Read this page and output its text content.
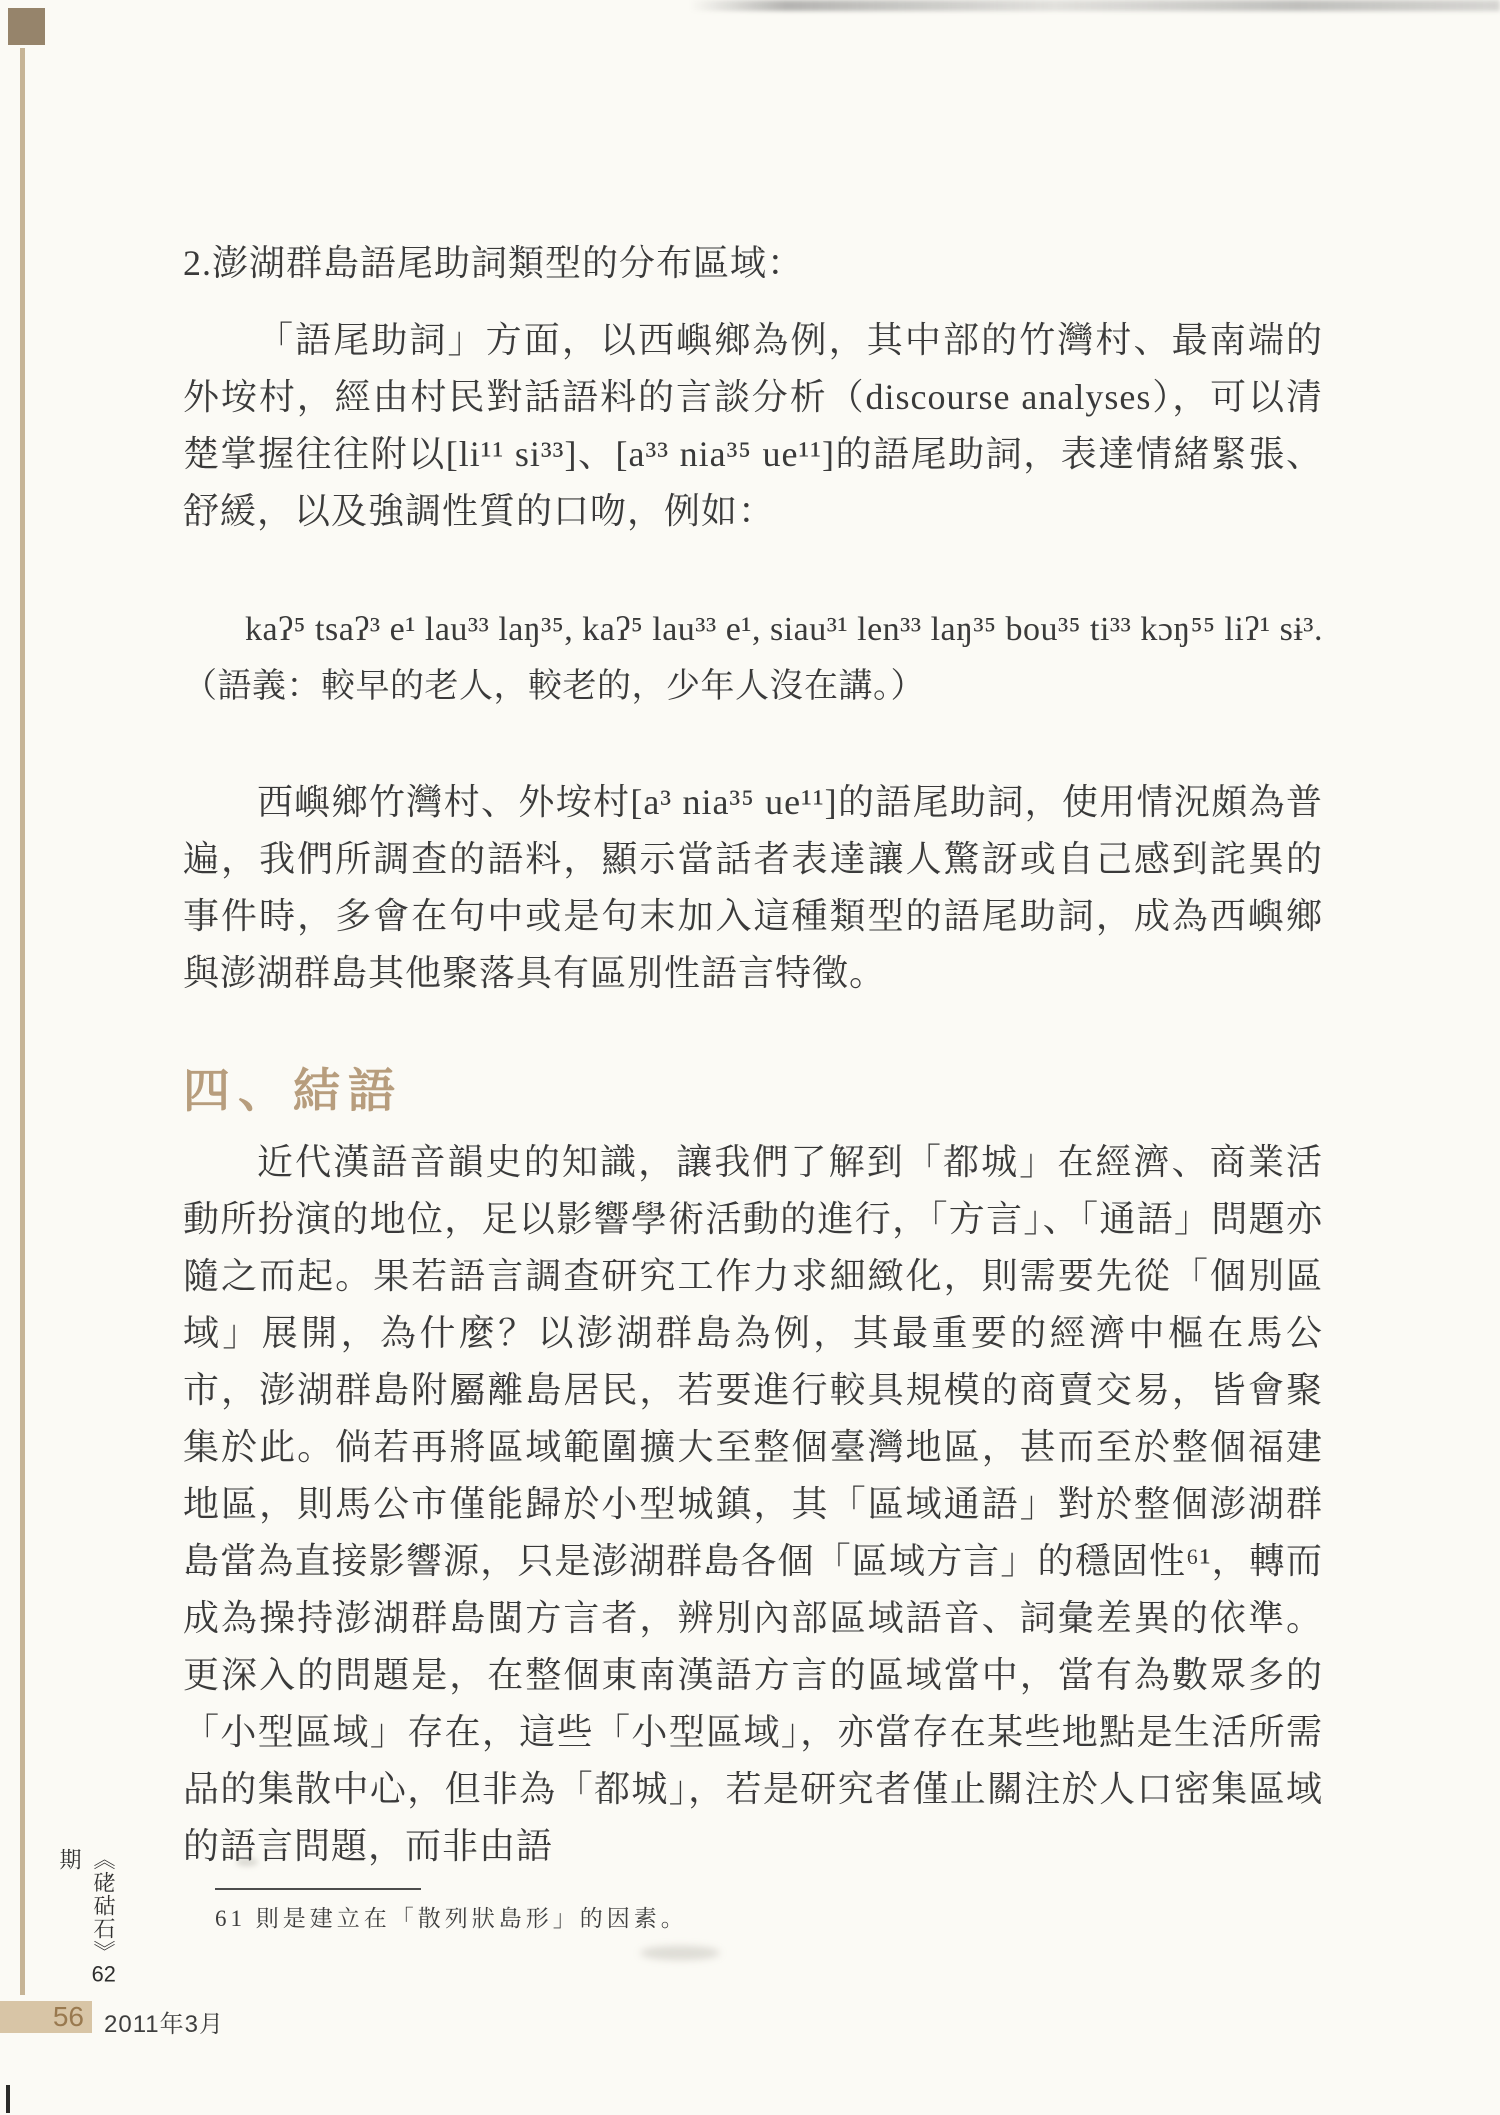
2.澎湖群島語尾助詞類型的分布區域：

「語尾助詞」方面，以西嶼鄉為例，其中部的竹灣村、最南端的外垵村，經由村民對話語料的言談分析（discourse analyses），可以清楚掌握往往附以[li¹¹ si³³]、[a³³ nia³⁵ ue¹¹]的語尾助詞，表達情緒緊張、舒緩，以及強調性質的口吻，例如：

kaʔ⁵ tsaʔ³ e¹ lau³³ laŋ³⁵, kaʔ⁵ lau³³ e¹, siau³¹ len³³ laŋ³⁵ bou³⁵ ti³³ kɔŋ⁵⁵ liʔ¹ sɨ³.（語義：較早的老人，較老的，少年人沒在講。）

西嶼鄉竹灣村、外垵村[a³ nia³⁵ ue¹¹]的語尾助詞，使用情況頗為普遍，我們所調查的語料，顯示當話者表達讓人驚訝或自己感到詫異的事件時，多會在句中或是句末加入這種類型的語尾助詞，成為西嶼鄉與澎湖群島其他聚落具有區別性語言特徵。

四、結語

近代漢語音韻史的知識，讓我們了解到「都城」在經濟、商業活動所扮演的地位，足以影響學術活動的進行，「方言」、「通語」問題亦隨之而起。果若語言調查研究工作力求細緻化，則需要先從「個別區域」展開，為什麼？以澎湖群島為例，其最重要的經濟中樞在馬公市，澎湖群島附屬離島居民，若要進行較具規模的商賣交易，皆會聚集於此。倘若再將區域範圍擴大至整個臺灣地區，甚而至於整個福建地區，則馬公市僅能歸於小型城鎮，其「區域通語」對於整個澎湖群島當為直接影響源，只是澎湖群島各個「區域方言」的穩固性⁶¹，轉而成為操持澎湖群島閩方言者，辨別內部區域語音、詞彙差異的依準。更深入的問題是，在整個東南漢語方言的區域當中，當有為數眾多的「小型區域」存在，這些「小型區域」，亦當存在某些地點是生活所需品的集散中心，但非為「都城」，若是研究者僅止關注於人口密集區域的語言問題，而非由語

61 則是建立在「散列狀島形」的因素。

《硓𥑮石》62期
56 2011年3月
